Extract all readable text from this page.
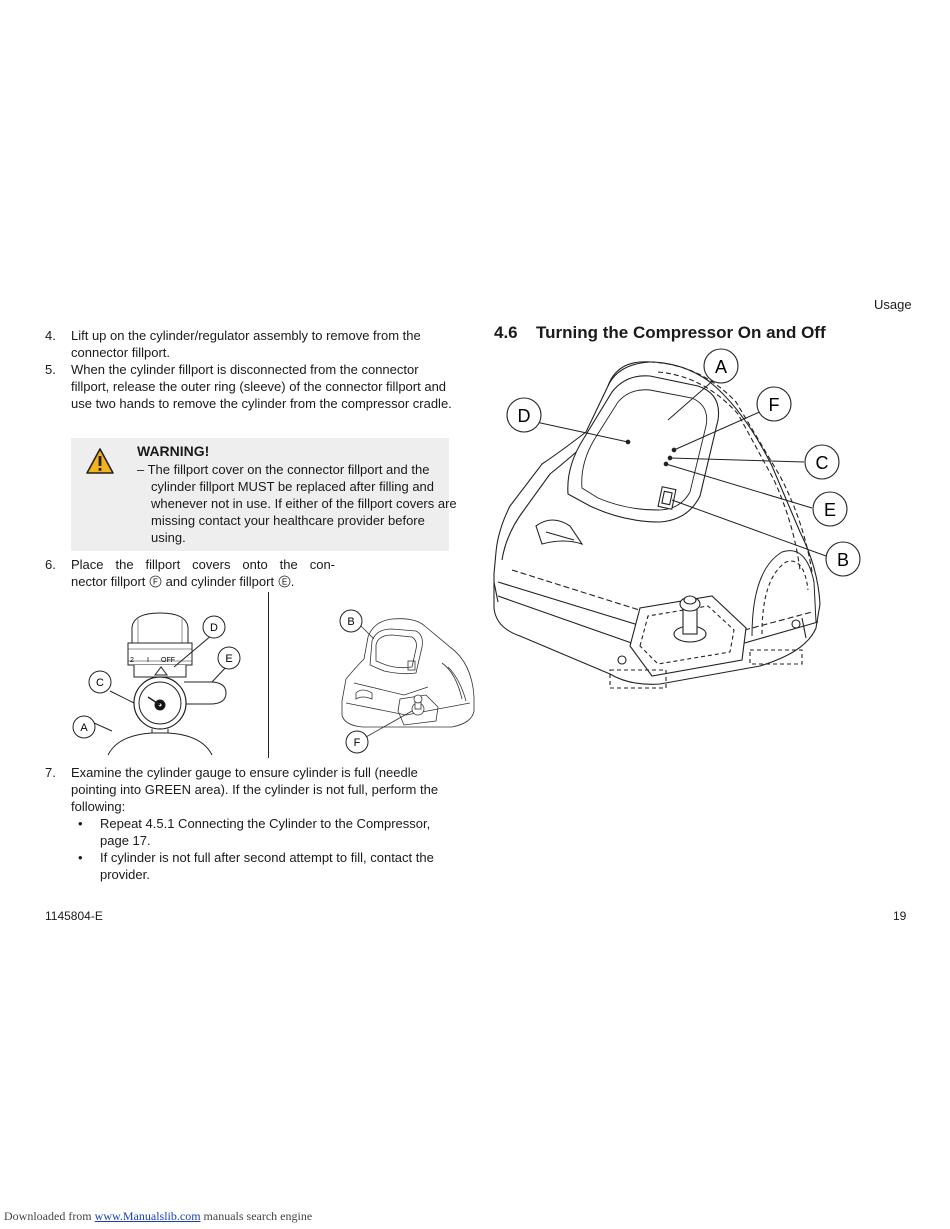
Usage
4. Lift up on the cylinder/regulator assembly to remove from the connector fillport.
5. When the cylinder fillport is disconnected from the connector fillport, release the outer ring (sleeve) of the connector fillport and use two hands to remove the cylinder from the compressor cradle.
WARNING!
– The fillport cover on the connector fillport and the cylinder fillport MUST be replaced after filling and whenever not in use. If either of the fillport covers are missing contact your healthcare provider before using.
6. Place the fillport covers onto the con-
nector fillport F and cylinder fillport E .
2 I OFF
D
E
C
A
B
F
7. Examine the cylinder gauge to ensure cylinder is full (needle pointing into GREEN area). If the cylinder is not full, perform the following:
• Repeat 4.5.1 Connecting the Cylinder to the Compressor, page 17.
• If cylinder is not full after second attempt to fill, contact the provider.
4.6 Turning the Compressor On and Off
A
F
D
C
E
B
1145804-E	19
Downloaded from www.Manualslib.com manuals search engine
